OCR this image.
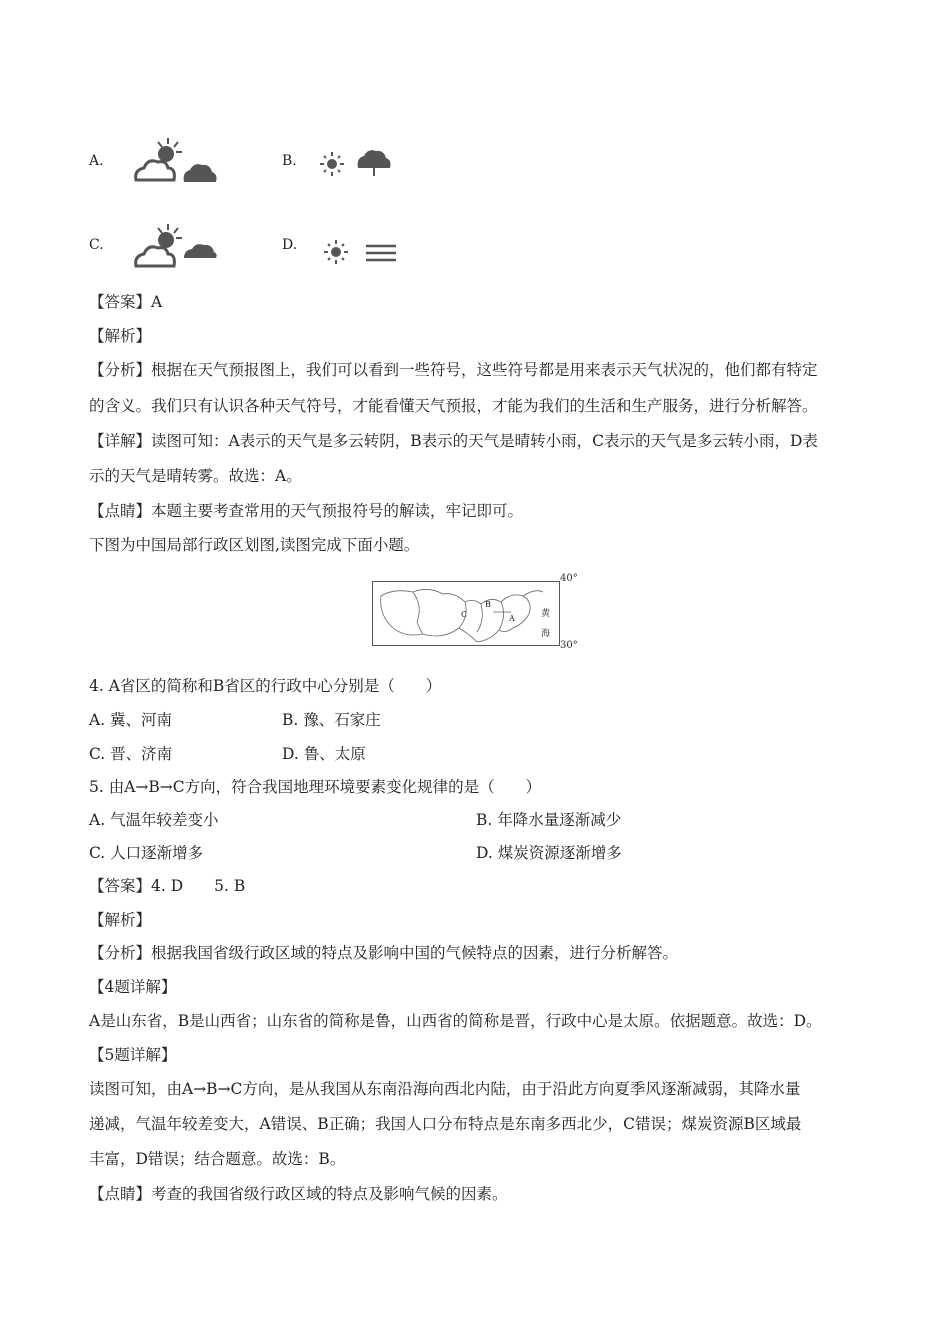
A.	B.
C.	D.
【答案】A
【解析】
【分析】根据在天气预报图上，我们可以看到一些符号，这些符号都是用来表示天气状况的，他们都有特定
的含义。我们只有认识各种天气符号，才能看懂天气预报，才能为我们的生活和生产服务，进行分析解答。
【详解】读图可知：A表示的天气是多云转阴，B表示的天气是晴转小雨，C表示的天气是多云转小雨，D表
示的天气是晴转雾。故选：A。
【点睛】本题主要考查常用的天气预报符号的解读，牢记即可。
下图为中国局部行政区划图,读图完成下面小题。
B
A
C	黄
海
40°
30°
4. A省区的简称和B省区的行政中心分别是（　　）
A. 冀、河南	B. 豫、石家庄
C. 晋、济南	D. 鲁、太原
5. 由A→B→C方向，符合我国地理环境要素变化规律的是（　　）
A. 气温年较差变小	B. 年降水量逐渐减少
C. 人口逐渐增多	D. 煤炭资源逐渐增多
【答案】4. D　　5. B
【解析】
【分析】根据我国省级行政区域的特点及影响中国的气候特点的因素，进行分析解答。
【4题详解】
A是山东省，B是山西省；山东省的简称是鲁，山西省的简称是晋，行政中心是太原。依据题意。故选：D。
【5题详解】
读图可知，由A→B→C方向，是从我国从东南沿海向西北内陆，由于沿此方向夏季风逐渐减弱，其降水量
递减，气温年较差变大，A错误、B正确；我国人口分布特点是东南多西北少，C错误；煤炭资源B区域最
丰富，D错误；结合题意。故选：B。
【点睛】考查的我国省级行政区域的特点及影响气候的因素。
